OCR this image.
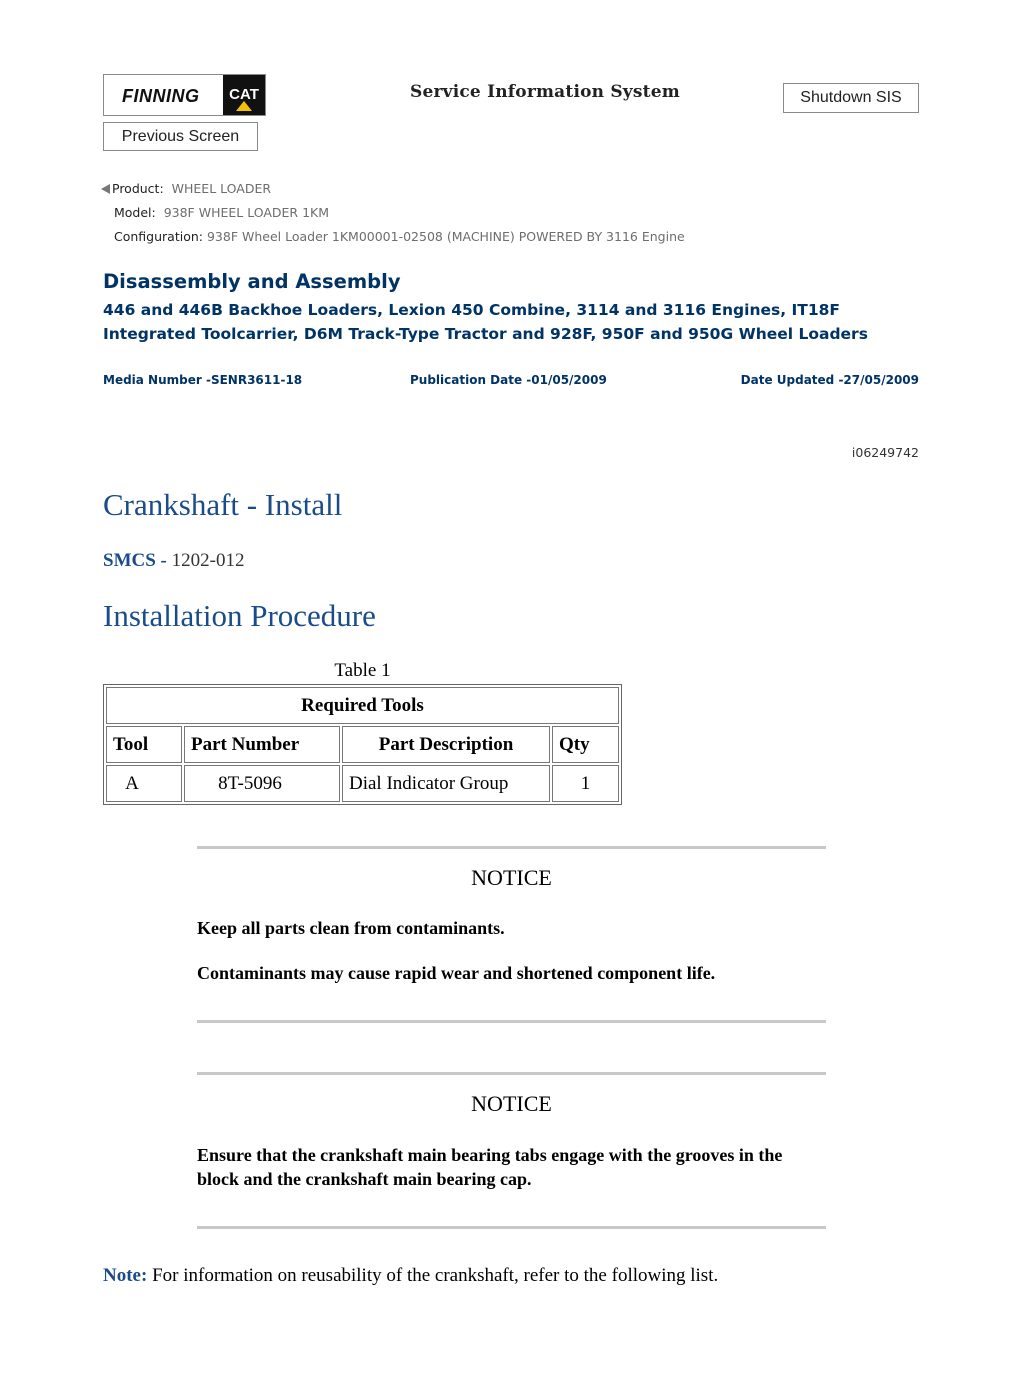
FINNING	CAT	Service Information System	Shutdown SIS
Previous Screen
Product: WHEEL LOADER
Model: 938F WHEEL LOADER 1KM
Configuration: 938F Wheel Loader 1KM00001-02508 (MACHINE) POWERED BY 3116 Engine
Disassembly and Assembly
446 and 446B Backhoe Loaders, Lexion 450 Combine, 3114 and 3116 Engines, IT18F Integrated Toolcarrier, D6M Track-Type Tractor and 928F, 950F and 950G Wheel Loaders
Media Number -SENR3611-18	Publication Date -01/05/2009	Date Updated -27/05/2009
i06249742
Crankshaft - Install
SMCS - 1202-012
Installation Procedure
Table 1
Required Tools			
Tool	Part Number	Part Description	Qty
A	8T-5096	Dial Indicator Group	1
NOTICE
Keep all parts clean from contaminants.
Contaminants may cause rapid wear and shortened component life.
NOTICE
Ensure that the crankshaft main bearing tabs engage with the grooves in the block and the crankshaft main bearing cap.
Note: For information on reusability of the crankshaft, refer to the following list.
